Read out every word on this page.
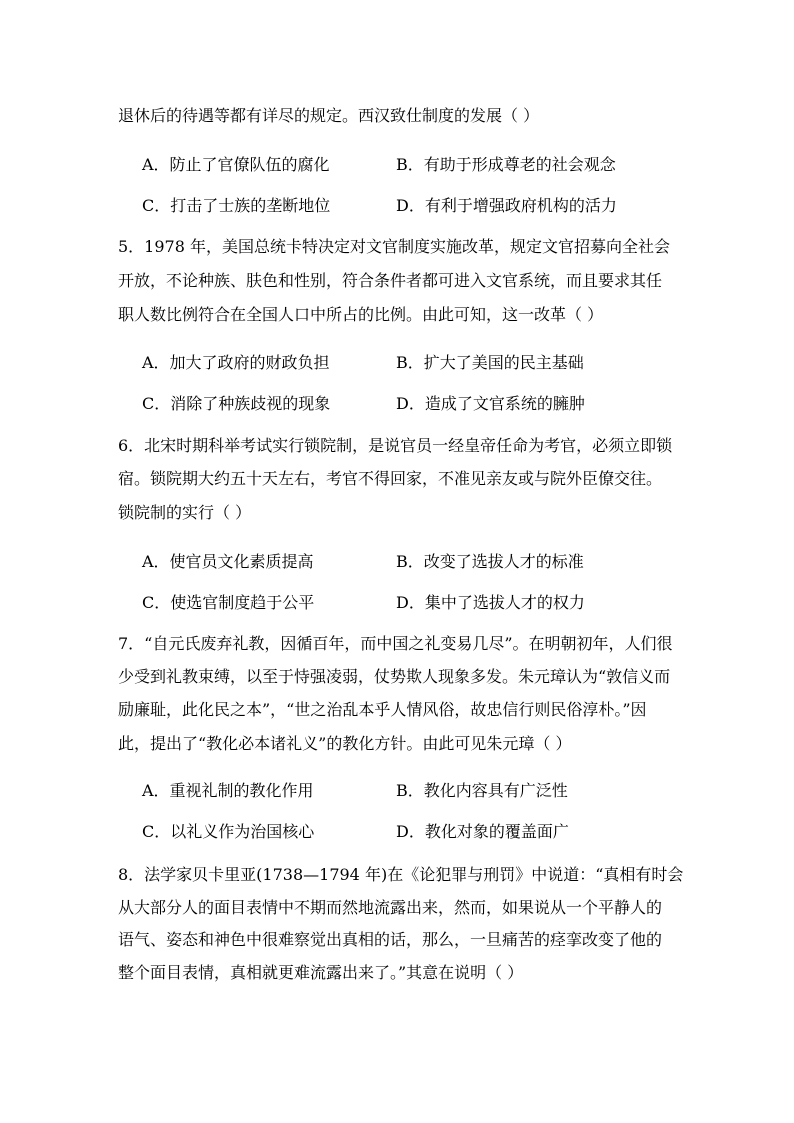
退休后的待遇等都有详尽的规定。西汉致仕制度的发展（ ）
A．防止了官僚队伍的腐化	B．有助于形成尊老的社会观念
C．打击了士族的垄断地位	D．有利于增强政府机构的活力
5．1978 年，美国总统卡特决定对文官制度实施改革，规定文官招募向全社会
开放，不论种族、肤色和性别，符合条件者都可进入文官系统，而且要求其任
职人数比例符合在全国人口中所占的比例。由此可知，这一改革（ ）
A．加大了政府的财政负担	B．扩大了美国的民主基础
C．消除了种族歧视的现象	D．造成了文官系统的臃肿
6．北宋时期科举考试实行锁院制，是说官员一经皇帝任命为考官，必须立即锁
宿。锁院期大约五十天左右，考官不得回家，不准见亲友或与院外臣僚交往。
锁院制的实行（ ）
A．使官员文化素质提高	B．改变了选拔人才的标准
C．使选官制度趋于公平	D．集中了选拔人才的权力
7．“自元氏废弃礼教，因循百年，而中国之礼变易几尽”。在明朝初年，人们很
少受到礼教束缚，以至于恃强凌弱，仗势欺人现象多发。朱元璋认为“敦信义而
励廉耻，此化民之本”，“世之治乱本乎人情风俗，故忠信行则民俗淳朴。”因
此，提出了“教化必本诸礼义”的教化方针。由此可见朱元璋（ ）
A．重视礼制的教化作用	B．教化内容具有广泛性
C．以礼义作为治国核心	D．教化对象的覆盖面广
8．法学家贝卡里亚(1738—1794 年)在《论犯罪与刑罚》中说道：“真相有时会
从大部分人的面目表情中不期而然地流露出来，然而，如果说从一个平静人的
语气、姿态和神色中很难察觉出真相的话，那么，一旦痛苦的痉挛改变了他的
整个面目表情，真相就更难流露出来了。”其意在说明（ ）
